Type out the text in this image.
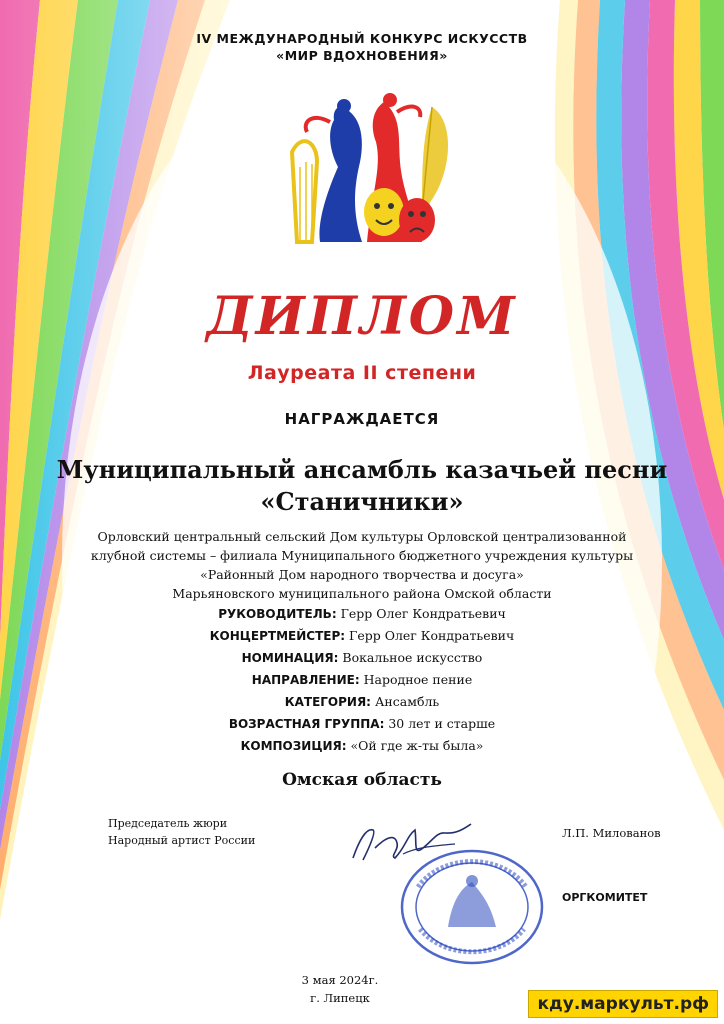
IV МЕЖДУНАРОДНЫЙ КОНКУРС ИСКУССТВ
«МИР ВДОХНОВЕНИЯ»
ДИПЛОМ
Лауреата II степени
НАГРАЖДАЕТСЯ
Муниципальный ансамбль казачьей песни
«Станичники»
Орловский центральный сельский Дом культуры Орловской централизованной
клубной системы – филиала Муниципального бюджетного учреждения культуры
«Районный Дом народного творчества и досуга»
Марьяновского муниципального района Омской области
РУКОВОДИТЕЛЬ: Герр Олег Кондратьевич
КОНЦЕРТМЕЙСТЕР: Герр Олег Кондратьевич
НОМИНАЦИЯ: Вокальное искусство
НАПРАВЛЕНИЕ: Народное пение
КАТЕГОРИЯ: Ансамбль
ВОЗРАСТНАЯ ГРУППА: 30 лет и старше
КОМПОЗИЦИЯ: «Ой где ж-ты была»
Омская область
Председатель жюри
Народный артист России
Л.П. Милованов
ОРГКОМИТЕТ
3 мая 2024г.
г. Липецк	кду.маркульт.рф
